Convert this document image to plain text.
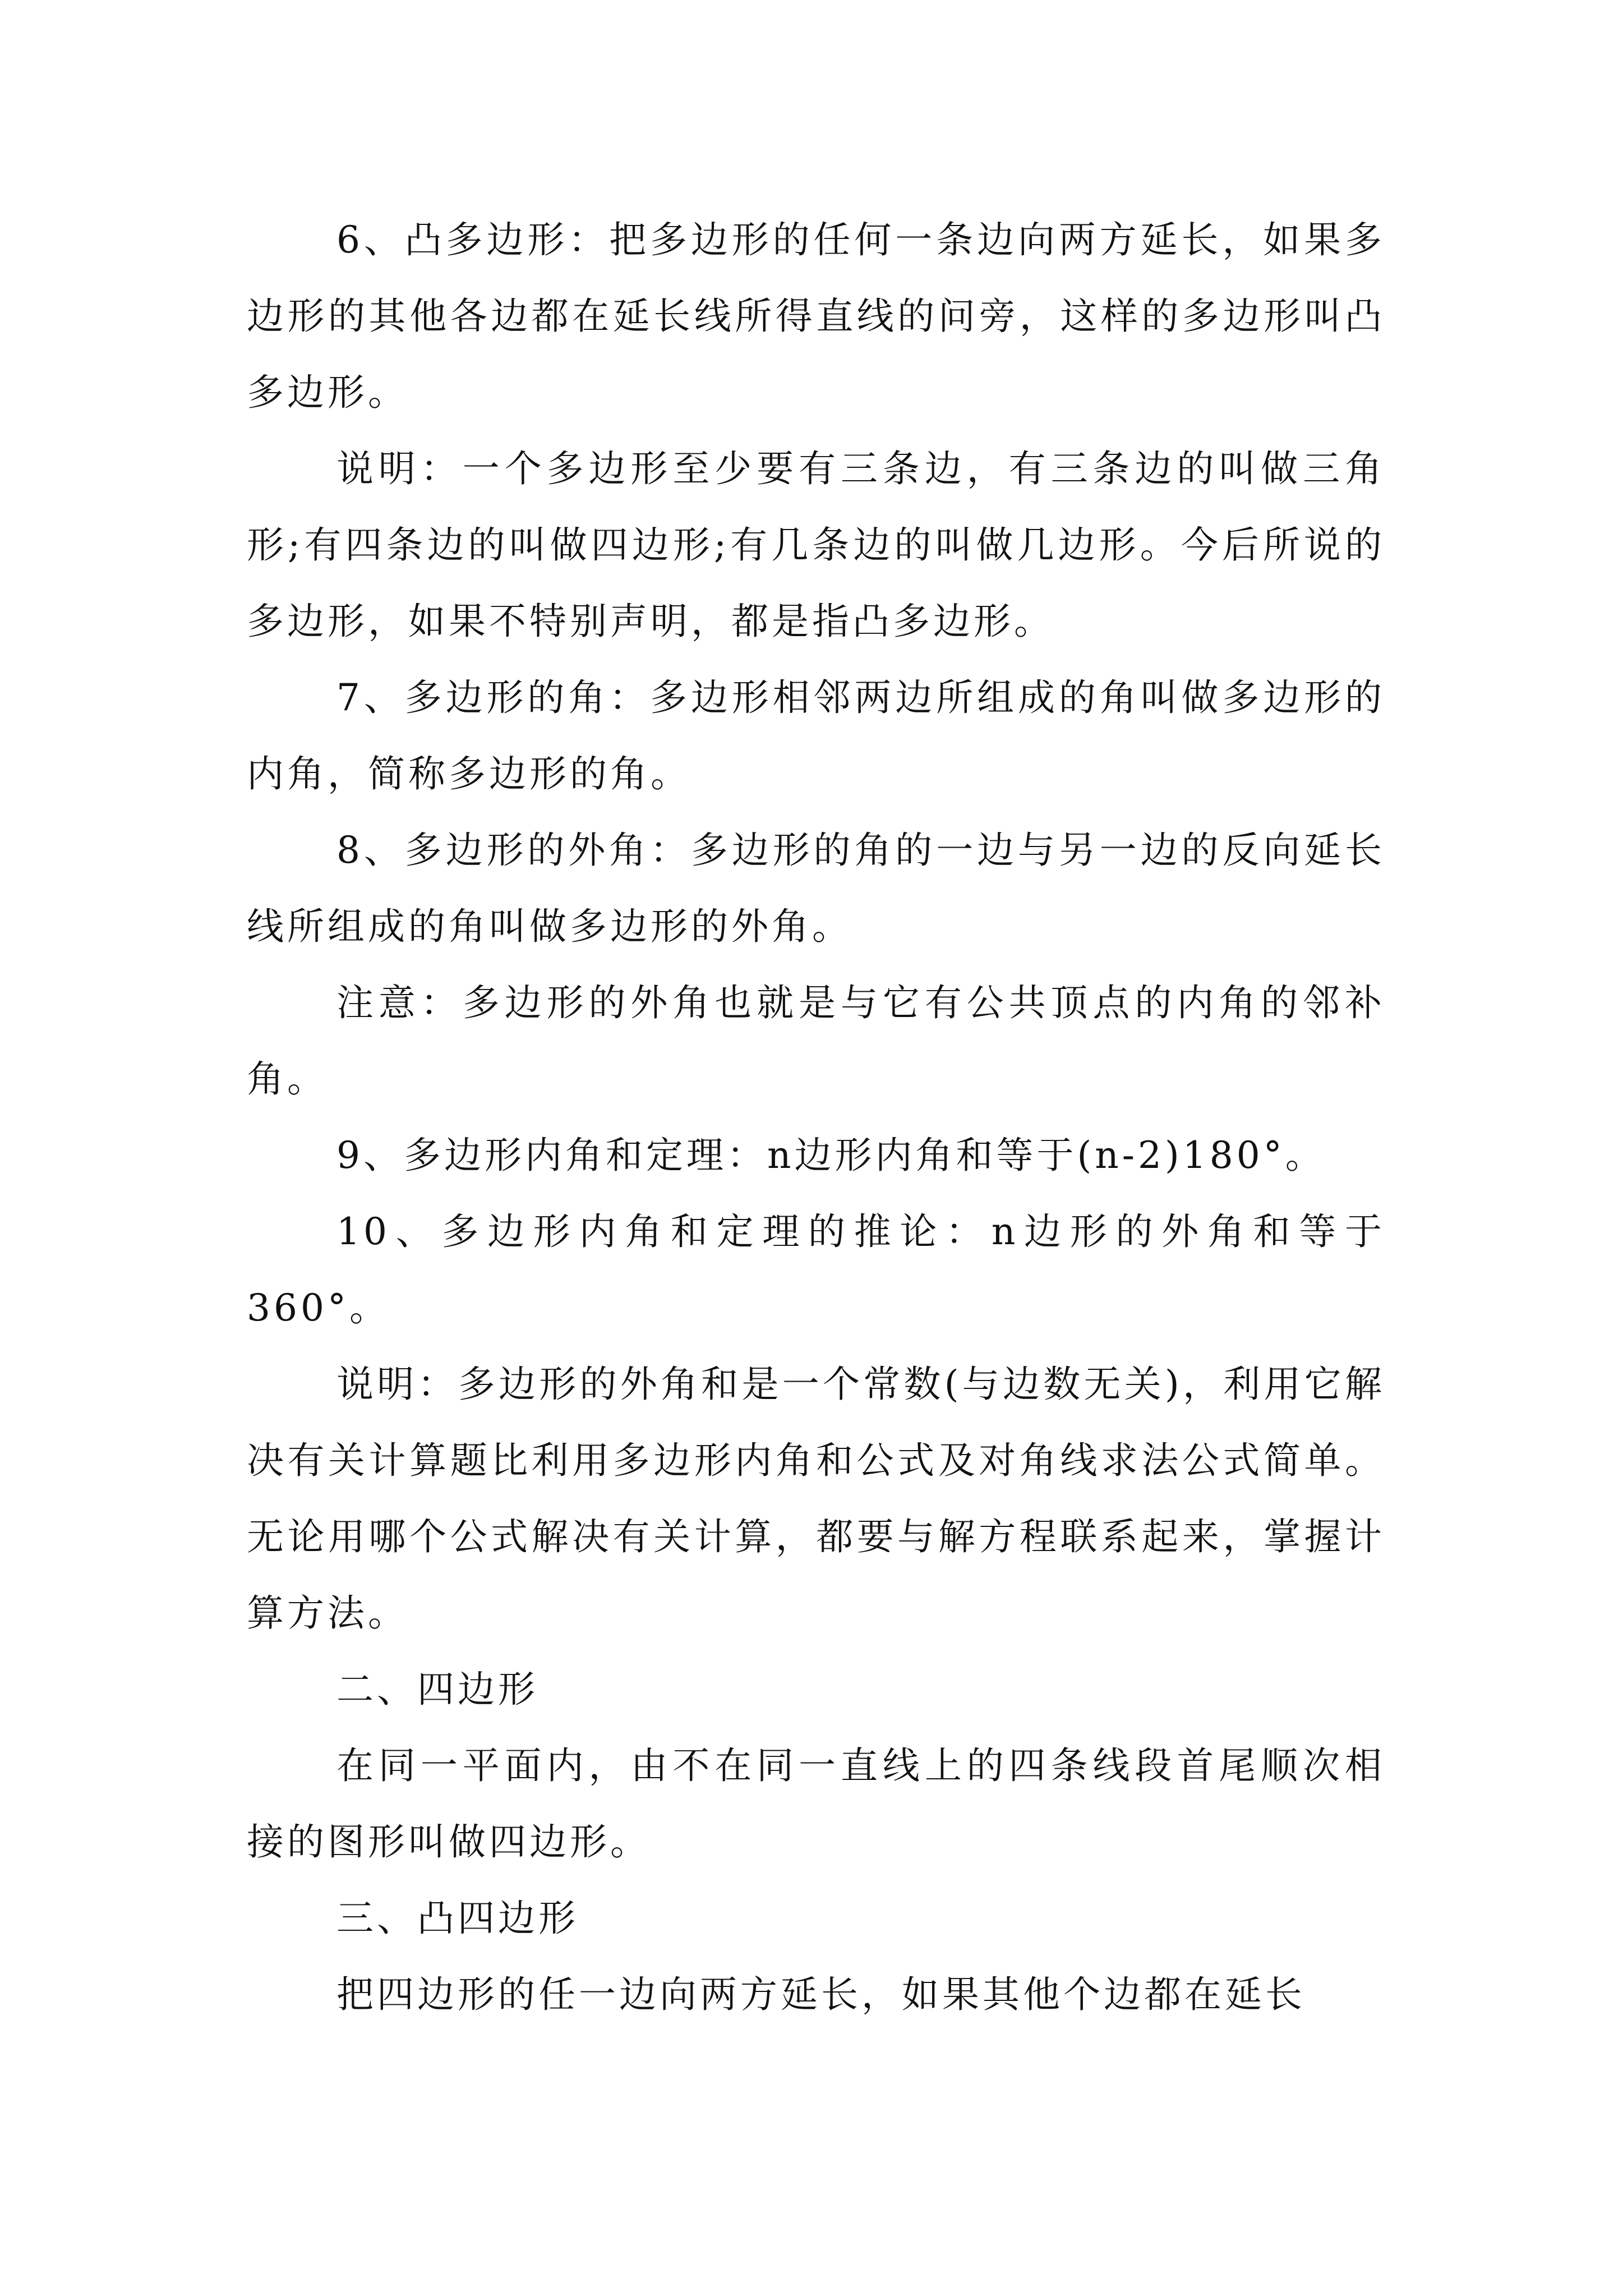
6、凸多边形：把多边形的任何一条边向两方延长，如果多边形的其他各边都在延长线所得直线的问旁，这样的多边形叫凸多边形。

说明：一个多边形至少要有三条边，有三条边的叫做三角形;有四条边的叫做四边形;有几条边的叫做几边形。今后所说的多边形，如果不特别声明，都是指凸多边形。

7、多边形的角：多边形相邻两边所组成的角叫做多边形的内角，简称多边形的角。

8、多边形的外角：多边形的角的一边与另一边的反向延长线所组成的角叫做多边形的外角。

注意：多边形的外角也就是与它有公共顶点的内角的邻补角。

9、多边形内角和定理：n边形内角和等于(n-2)180°。

10、多边形内角和定理的推论：n边形的外角和等于360°。

说明：多边形的外角和是一个常数(与边数无关)，利用它解决有关计算题比利用多边形内角和公式及对角线求法公式简单。无论用哪个公式解决有关计算，都要与解方程联系起来，掌握计算方法。

二、四边形

在同一平面内，由不在同一直线上的四条线段首尾顺次相接的图形叫做四边形。

三、凸四边形

把四边形的任一边向两方延长，如果其他个边都在延长
